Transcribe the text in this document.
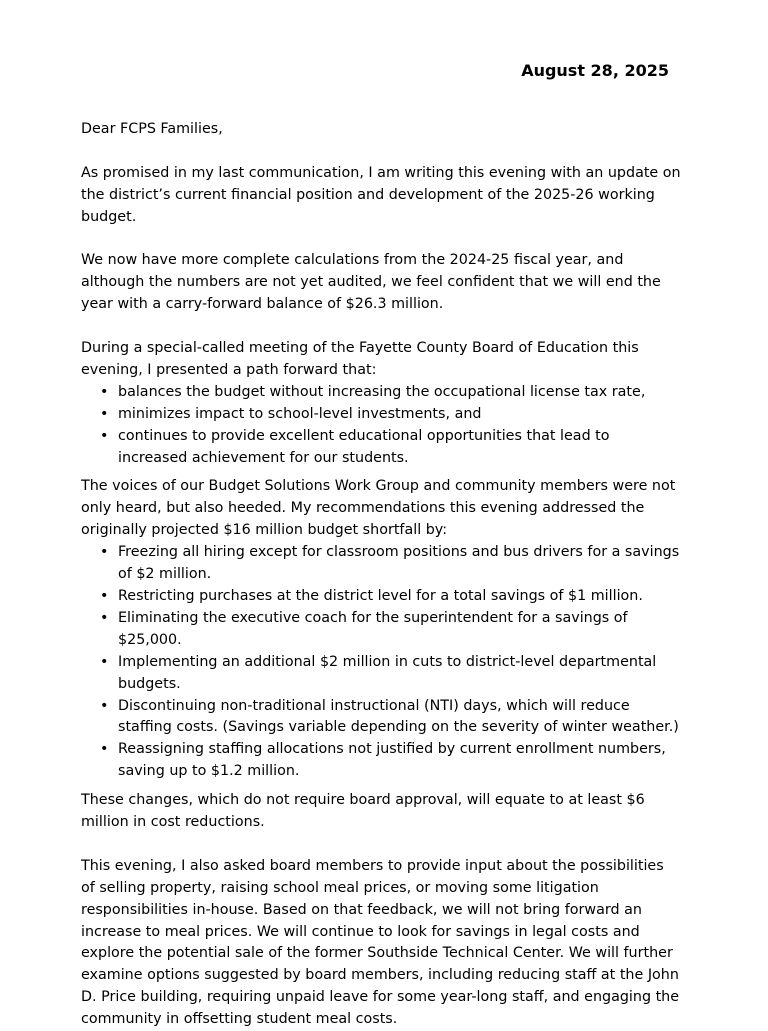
August 28, 2025

Dear FCPS Families,

As promised in my last communication, I am writing this evening with an update on the district’s current financial position and development of the 2025-26 working budget.

We now have more complete calculations from the 2024-25 fiscal year, and although the numbers are not yet audited, we feel confident that we will end the year with a carry-forward balance of $26.3 million.

During a special-called meeting of the Fayette County Board of Education this evening, I presented a path forward that:

• balances the budget without increasing the occupational license tax rate,
• minimizes impact to school-level investments, and
• continues to provide excellent educational opportunities that lead to increased achievement for our students.

The voices of our Budget Solutions Work Group and community members were not only heard, but also heeded. My recommendations this evening addressed the originally projected $16 million budget shortfall by:

• Freezing all hiring except for classroom positions and bus drivers for a savings of $2 million.
• Restricting purchases at the district level for a total savings of $1 million.
• Eliminating the executive coach for the superintendent for a savings of $25,000.
• Implementing an additional $2 million in cuts to district-level departmental budgets.
• Discontinuing non-traditional instructional (NTI) days, which will reduce staffing costs. (Savings variable depending on the severity of winter weather.)
• Reassigning staffing allocations not justified by current enrollment numbers, saving up to $1.2 million.

These changes, which do not require board approval, will equate to at least $6 million in cost reductions.

This evening, I also asked board members to provide input about the possibilities of selling property, raising school meal prices, or moving some litigation responsibilities in-house. Based on that feedback, we will not bring forward an increase to meal prices. We will continue to look for savings in legal costs and explore the potential sale of the former Southside Technical Center. We will further examine options suggested by board members, including reducing staff at the John D. Price building, requiring unpaid leave for some year-long staff, and engaging the community in offsetting student meal costs.
